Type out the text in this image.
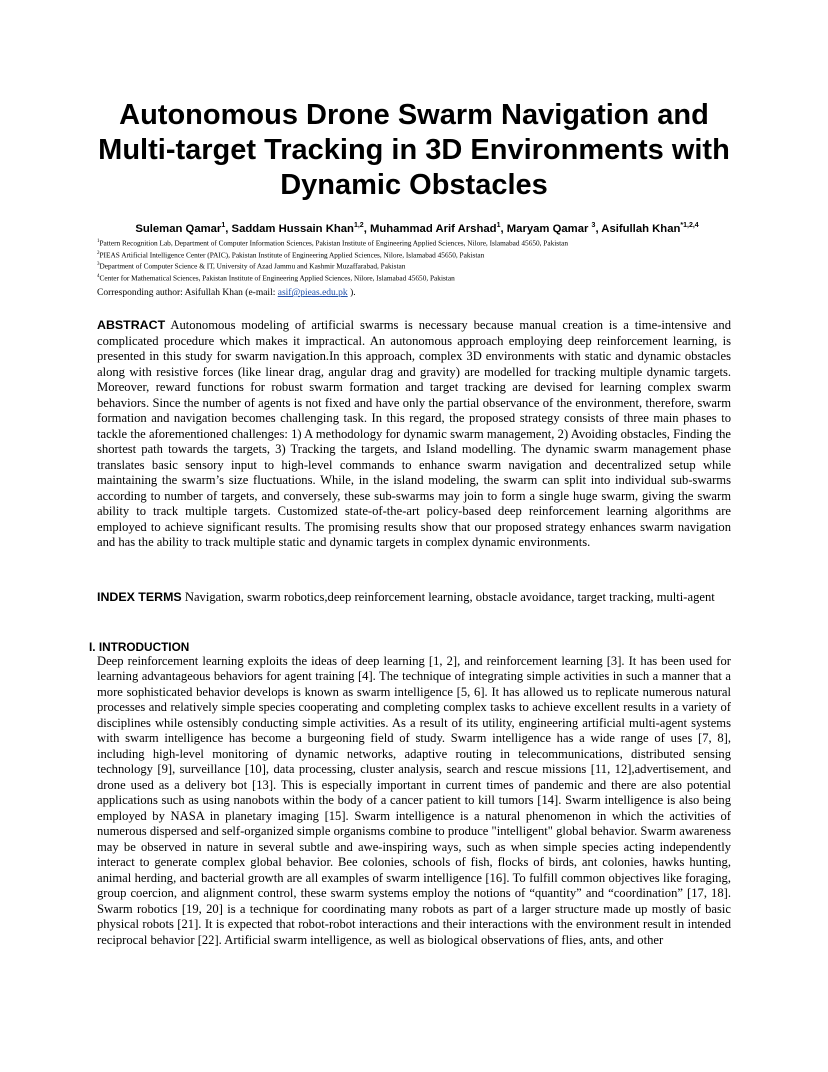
Autonomous Drone Swarm Navigation and Multi-target Tracking in 3D Environments with Dynamic Obstacles
Suleman Qamar$^1$, Saddam Hussain Khan$^{1,2}$, Muhammad Arif Arshad$^1$, Maryam Qamar $^3$, Asifullah Khan$^{*1,2,4}$
$^1$Pattern Recognition Lab, Department of Computer Information Sciences, Pakistan Institute of Engineering Applied Sciences, Nilore, Islamabad 45650, Pakistan
$^2$PIEAS Artificial Intelligence Center (PAIC), Pakistan Institute of Engineering Applied Sciences, Nilore, Islamabad 45650, Pakistan
$^3$Department of Computer Science & IT, University of Azad Jammu and Kashmir Muzaffarabad, Pakistan
$^4$Center for Mathematical Sciences, Pakistan Institute of Engineering Applied Sciences, Nilore, Islamabad 45650, Pakistan
Corresponding author: Asifullah Khan (e-mail: asif@pieas.edu.pk ).
ABSTRACT Autonomous modeling of artificial swarms is necessary because manual creation is a time-intensive and complicated procedure which makes it impractical. An autonomous approach employing deep reinforcement learning, is presented in this study for swarm navigation.In this approach, complex 3D environments with static and dynamic obstacles along with resistive forces (like linear drag, angular drag and gravity) are modelled for tracking multiple dynamic targets. Moreover, reward functions for robust swarm formation and target tracking are devised for learning complex swarm behaviors. Since the number of agents is not fixed and have only the partial observance of the environment, therefore, swarm formation and navigation becomes challenging task. In this regard, the proposed strategy consists of three main phases to tackle the aforementioned challenges: 1) A methodology for dynamic swarm management, 2) Avoiding obstacles, Finding the shortest path towards the targets, 3) Tracking the targets, and Island modelling. The dynamic swarm management phase translates basic sensory input to high-level commands to enhance swarm navigation and decentralized setup while maintaining the swarm’s size fluctuations. While, in the island modeling, the swarm can split into individual sub-swarms according to number of targets, and conversely, these sub-swarms may join to form a single huge swarm, giving the swarm ability to track multiple targets. Customized state-of-the-art policy-based deep reinforcement learning algorithms are employed to achieve significant results. The promising results show that our proposed strategy enhances swarm navigation and has the ability to track multiple static and dynamic targets in complex dynamic environments.
INDEX TERMS Navigation, swarm robotics,deep reinforcement learning, obstacle avoidance, target tracking, multi-agent
I. INTRODUCTION
Deep reinforcement learning exploits the ideas of deep learning [1, 2], and reinforcement learning [3]. It has been used for learning advantageous behaviors for agent training [4]. The technique of integrating simple activities in such a manner that a more sophisticated behavior develops is known as swarm intelligence [5, 6]. It has allowed us to replicate numerous natural processes and relatively simple species cooperating and completing complex tasks to achieve excellent results in a variety of disciplines while ostensibly conducting simple activities. As a result of its utility, engineering artificial multi-agent systems with swarm intelligence has become a burgeoning field of study. Swarm intelligence has a wide range of uses [7, 8], including high-level monitoring of dynamic networks, adaptive routing in telecommunications, distributed sensing technology [9], surveillance [10], data processing, cluster analysis, search and rescue missions [11, 12],advertisement, and drone used as a delivery bot [13]. This is especially important in current times of pandemic and there are also potential applications such as using nanobots within the body of a cancer patient to kill tumors [14]. Swarm intelligence is also being employed by NASA in planetary imaging [15]. Swarm intelligence is a natural phenomenon in which the activities of numerous dispersed and self-organized simple organisms combine to produce "intelligent" global behavior. Swarm awareness may be observed in nature in several subtle and awe-inspiring ways, such as when simple species acting independently interact to generate complex global behavior. Bee colonies, schools of fish, flocks of birds, ant colonies, hawks hunting, animal herding, and bacterial growth are all examples of swarm intelligence [16]. To fulfill common objectives like foraging, group coercion, and alignment control, these swarm systems employ the notions of “quantity” and “coordination” [17, 18]. Swarm robotics [19, 20] is a technique for coordinating many robots as part of a larger structure made up mostly of basic physical robots [21]. It is expected that robot-robot interactions and their interactions with the environment result in intended reciprocal behavior [22]. Artificial swarm intelligence, as well as biological observations of flies, ants, and other
